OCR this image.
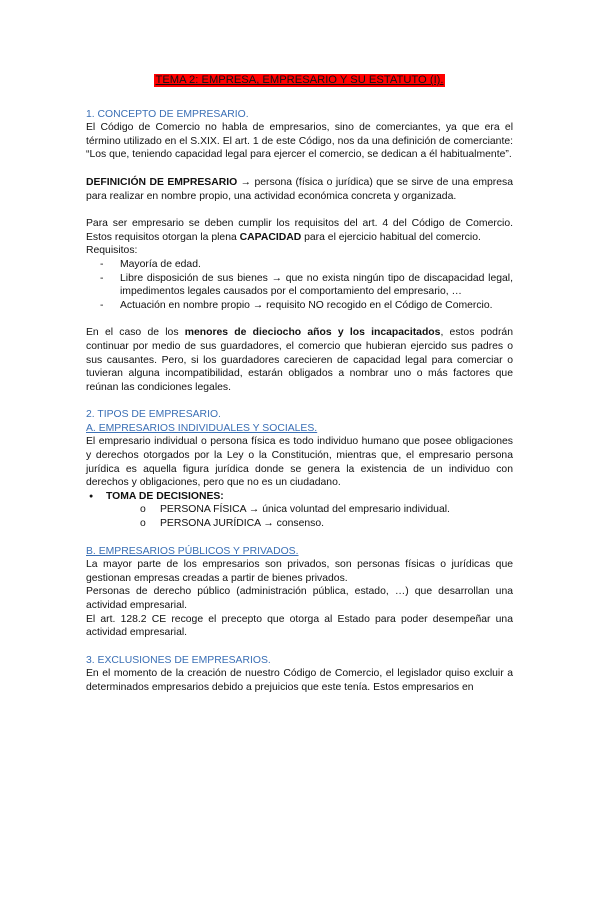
TEMA 2: EMPRESA, EMPRESARIO Y SU ESTATUTO (I).

1. CONCEPTO DE EMPRESARIO.

El Código de Comercio no habla de empresarios, sino de comerciantes, ya que era el término utilizado en el S.XIX. El art. 1 de este Código, nos da una definición de comerciante: “Los que, teniendo capacidad legal para ejercer el comercio, se dedican a él habitualmente”.

DEFINICIÓN DE EMPRESARIO → persona (física o jurídica) que se sirve de una empresa para realizar en nombre propio, una actividad económica concreta y organizada.

Para ser empresario se deben cumplir los requisitos del art. 4 del Código de Comercio. Estos requisitos otorgan la plena CAPACIDAD para el ejercicio habitual del comercio.

Requisitos:

- Mayoría de edad.
- Libre disposición de sus bienes → que no exista ningún tipo de discapacidad legal, impedimentos legales causados por el comportamiento del empresario, …
- Actuación en nombre propio → requisito NO recogido en el Código de Comercio.

En el caso de los menores de dieciocho años y los incapacitados, estos podrán continuar por medio de sus guardadores, el comercio que hubieran ejercido sus padres o sus causantes. Pero, si los guardadores carecieren de capacidad legal para comerciar o tuvieran alguna incompatibilidad, estarán obligados a nombrar uno o más factores que reúnan las condiciones legales.

2. TIPOS DE EMPRESARIO.

A. EMPRESARIOS INDIVIDUALES Y SOCIALES.

El empresario individual o persona física es todo individuo humano que posee obligaciones y derechos otorgados por la Ley o la Constitución, mientras que, el empresario persona jurídica es aquella figura jurídica donde se genera la existencia de un individuo con derechos y obligaciones, pero que no es un ciudadano.

● TOMA DE DECISIONES:
o PERSONA FÍSICA → única voluntad del empresario individual.
o PERSONA JURÍDICA → consenso.

B. EMPRESARIOS PÚBLICOS Y PRIVADOS.

La mayor parte de los empresarios son privados, son personas físicas o jurídicas que gestionan empresas creadas a partir de bienes privados.

Personas de derecho público (administración pública, estado, …) que desarrollan una actividad empresarial.

El art. 128.2 CE recoge el precepto que otorga al Estado para poder desempeñar una actividad empresarial.

3. EXCLUSIONES DE EMPRESARIOS.

En el momento de la creación de nuestro Código de Comercio, el legislador quiso excluir a determinados empresarios debido a prejuicios que este tenía. Estos empresarios en
